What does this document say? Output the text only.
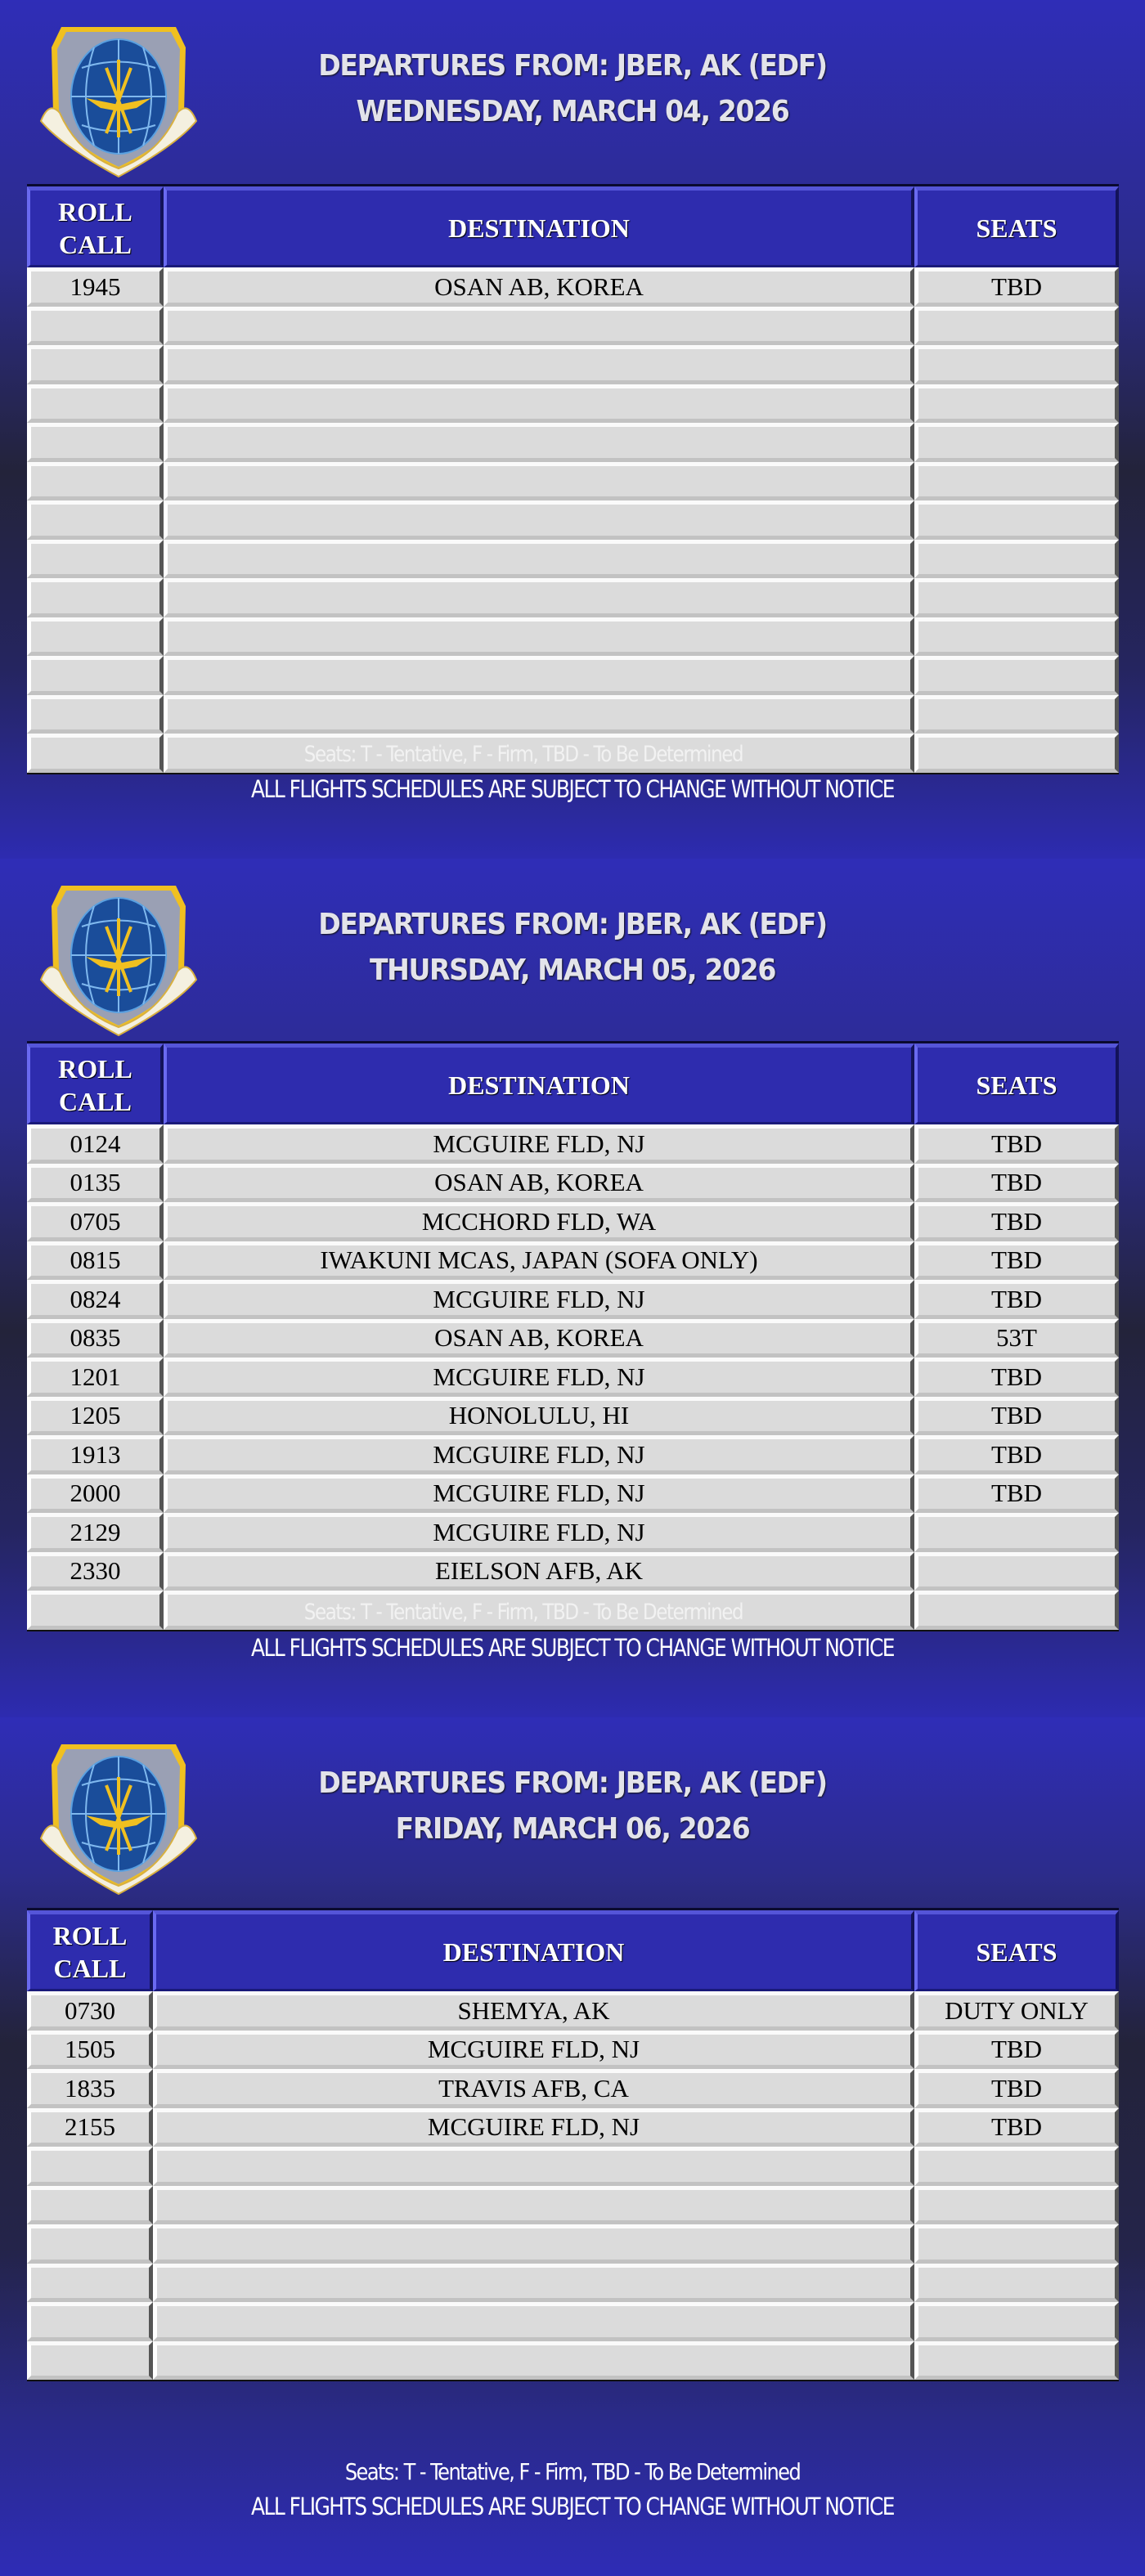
DEPARTURES FROM: JBER, AK (EDF)
WEDNESDAY, MARCH 04, 2026
ROLL
CALL
DESTINATION	SEATS
1945	OSAN AB, KOREA	TBD
Seats: T - Tentative, F - Firm, TBD - To Be Determined
ALL FLIGHTS SCHEDULES ARE SUBJECT TO CHANGE WITHOUT NOTICE
DEPARTURES FROM: JBER, AK (EDF)
THURSDAY, MARCH 05, 2026
ROLL
CALL
DESTINATION	SEATS
0124	MCGUIRE FLD, NJ	TBD
0135	OSAN AB, KOREA	TBD
0705	MCCHORD FLD, WA	TBD
0815	IWAKUNI MCAS, JAPAN (SOFA ONLY)	TBD
0824	MCGUIRE FLD, NJ	TBD
0835	OSAN AB, KOREA	53T
1201	MCGUIRE FLD, NJ	TBD
1205	HONOLULU, HI	TBD
1913	MCGUIRE FLD, NJ	TBD
2000	MCGUIRE FLD, NJ	TBD
2129	MCGUIRE FLD, NJ
2330	EIELSON AFB, AK
Seats: T - Tentative, F - Firm, TBD - To Be Determined
ALL FLIGHTS SCHEDULES ARE SUBJECT TO CHANGE WITHOUT NOTICE
DEPARTURES FROM: JBER, AK (EDF)
FRIDAY, MARCH 06, 2026
ROLL
CALL
DESTINATION	SEATS
0730	SHEMYA, AK	DUTY ONLY
1505	MCGUIRE FLD, NJ	TBD
1835	TRAVIS AFB, CA	TBD
2155	MCGUIRE FLD, NJ	TBD
Seats: T - Tentative, F - Firm, TBD - To Be Determined
ALL FLIGHTS SCHEDULES ARE SUBJECT TO CHANGE WITHOUT NOTICE
